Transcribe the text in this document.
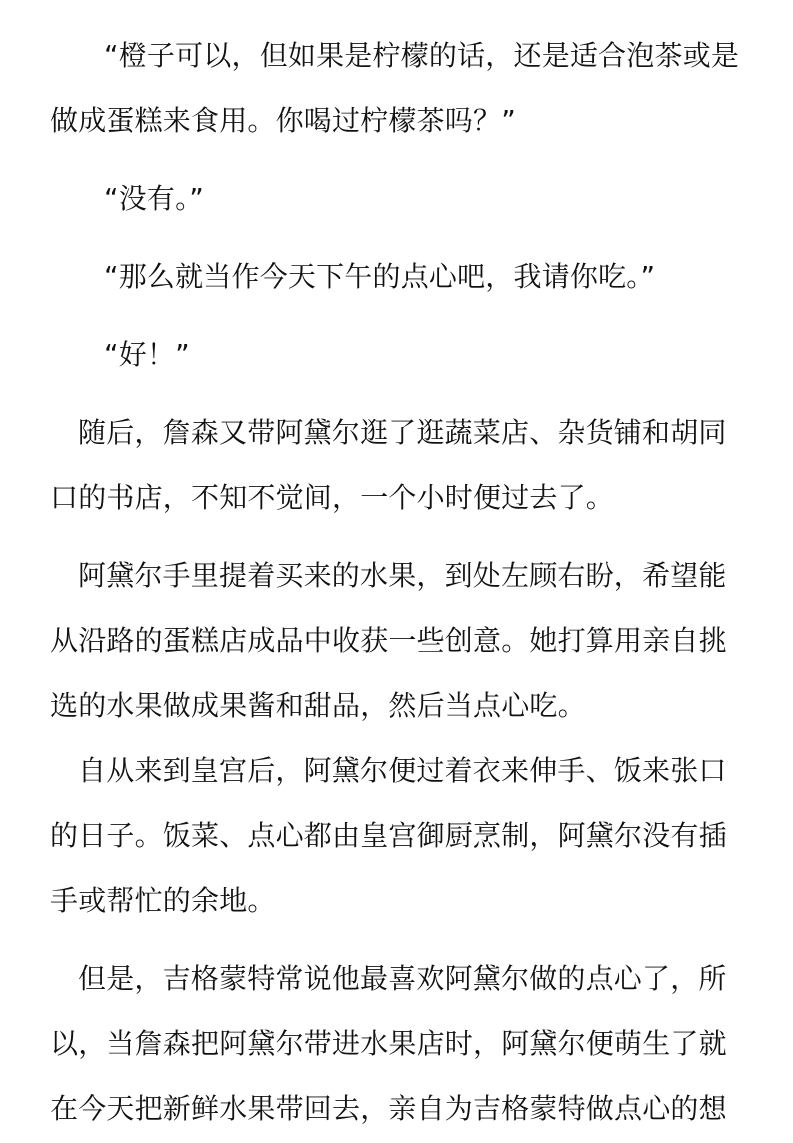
“橙子可以，但如果是柠檬的话，还是适合泡茶或是做成蛋糕来食用。你喝过柠檬茶吗？”

“没有。”

“那么就当作今天下午的点心吧，我请你吃。”

“好！”

随后，詹森又带阿黛尔逛了逛蔬菜店、杂货铺和胡同口的书店，不知不觉间，一个小时便过去了。

阿黛尔手里提着买来的水果，到处左顾右盼，希望能从沿路的蛋糕店成品中收获一些创意。她打算用亲自挑选的水果做成果酱和甜品，然后当点心吃。

自从来到皇宫后，阿黛尔便过着衣来伸手、饭来张口的日子。饭菜、点心都由皇宫御厨烹制，阿黛尔没有插手或帮忙的余地。

但是，吉格蒙特常说他最喜欢阿黛尔做的点心了，所以，当詹森把阿黛尔带进水果店时，阿黛尔便萌生了就在今天把新鲜水果带回去，亲自为吉格蒙特做点心的想
